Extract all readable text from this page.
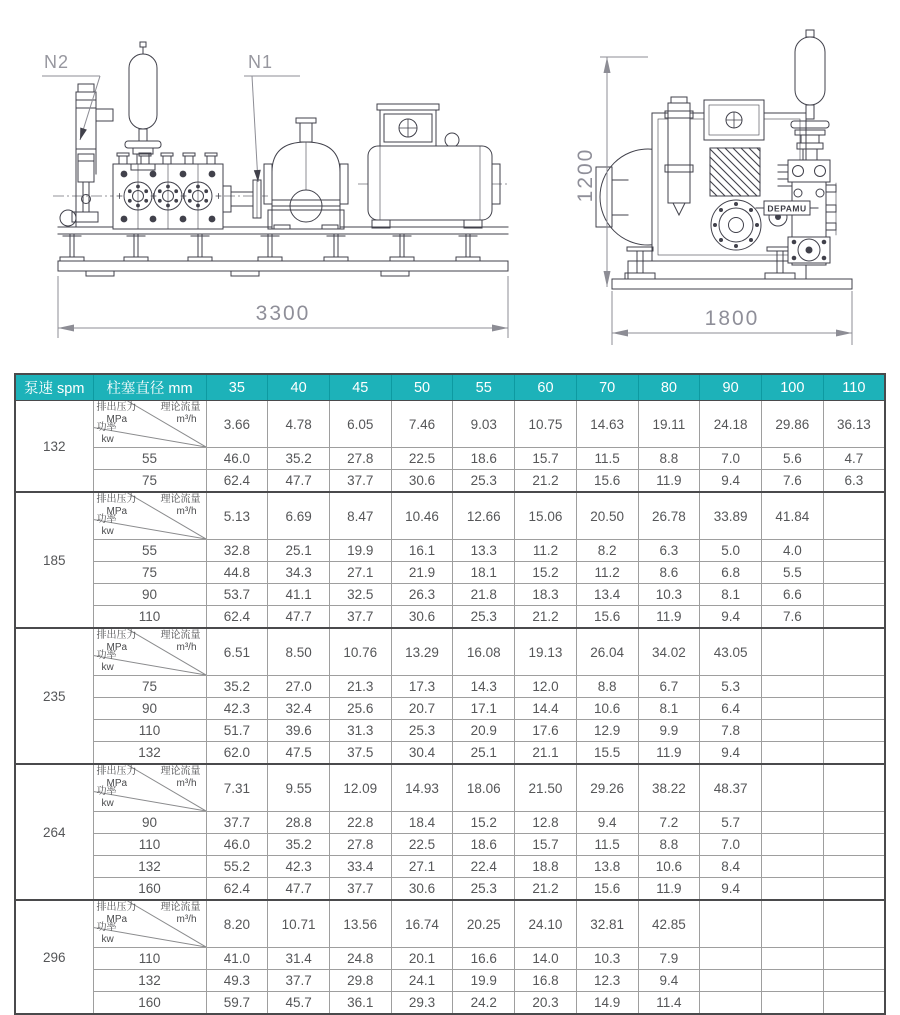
N2	N1
3300
DEPAMU
1200
1800
泵速 spm	柱塞直径 mm	35	40	45	50	55	60	70	80	90	100	110
132	
排出压力
MPa
理论流量
m³/h
功率
kw
	3.66	4.78	6.05	7.46	9.03	10.75	14.63	19.11	24.18	29.86	36.13
	55	46.0	35.2	27.8	22.5	18.6	15.7	11.5	8.8	7.0	5.6	4.7
	75	62.4	47.7	37.7	30.6	25.3	21.2	15.6	11.9	9.4	7.6	6.3
185	
排出压力
MPa
理论流量
m³/h
功率
kw
	5.13	6.69	8.47	10.46	12.66	15.06	20.50	26.78	33.89	41.84	
	55	32.8	25.1	19.9	16.1	13.3	11.2	8.2	6.3	5.0	4.0	
	75	44.8	34.3	27.1	21.9	18.1	15.2	11.2	8.6	6.8	5.5	
	90	53.7	41.1	32.5	26.3	21.8	18.3	13.4	10.3	8.1	6.6	
	110	62.4	47.7	37.7	30.6	25.3	21.2	15.6	11.9	9.4	7.6	
235	
排出压力
MPa
理论流量
m³/h
功率
kw
	6.51	8.50	10.76	13.29	16.08	19.13	26.04	34.02	43.05		
	75	35.2	27.0	21.3	17.3	14.3	12.0	8.8	6.7	5.3		
	90	42.3	32.4	25.6	20.7	17.1	14.4	10.6	8.1	6.4		
	110	51.7	39.6	31.3	25.3	20.9	17.6	12.9	9.9	7.8		
	132	62.0	47.5	37.5	30.4	25.1	21.1	15.5	11.9	9.4		
264	
排出压力
MPa
理论流量
m³/h
功率
kw
	7.31	9.55	12.09	14.93	18.06	21.50	29.26	38.22	48.37		
	90	37.7	28.8	22.8	18.4	15.2	12.8	9.4	7.2	5.7		
	110	46.0	35.2	27.8	22.5	18.6	15.7	11.5	8.8	7.0		
	132	55.2	42.3	33.4	27.1	22.4	18.8	13.8	10.6	8.4		
	160	62.4	47.7	37.7	30.6	25.3	21.2	15.6	11.9	9.4		
296	
排出压力
MPa
理论流量
m³/h
功率
kw
	8.20	10.71	13.56	16.74	20.25	24.10	32.81	42.85			
	110	41.0	31.4	24.8	20.1	16.6	14.0	10.3	7.9			
	132	49.3	37.7	29.8	24.1	19.9	16.8	12.3	9.4			
	160	59.7	45.7	36.1	29.3	24.2	20.3	14.9	11.4			
